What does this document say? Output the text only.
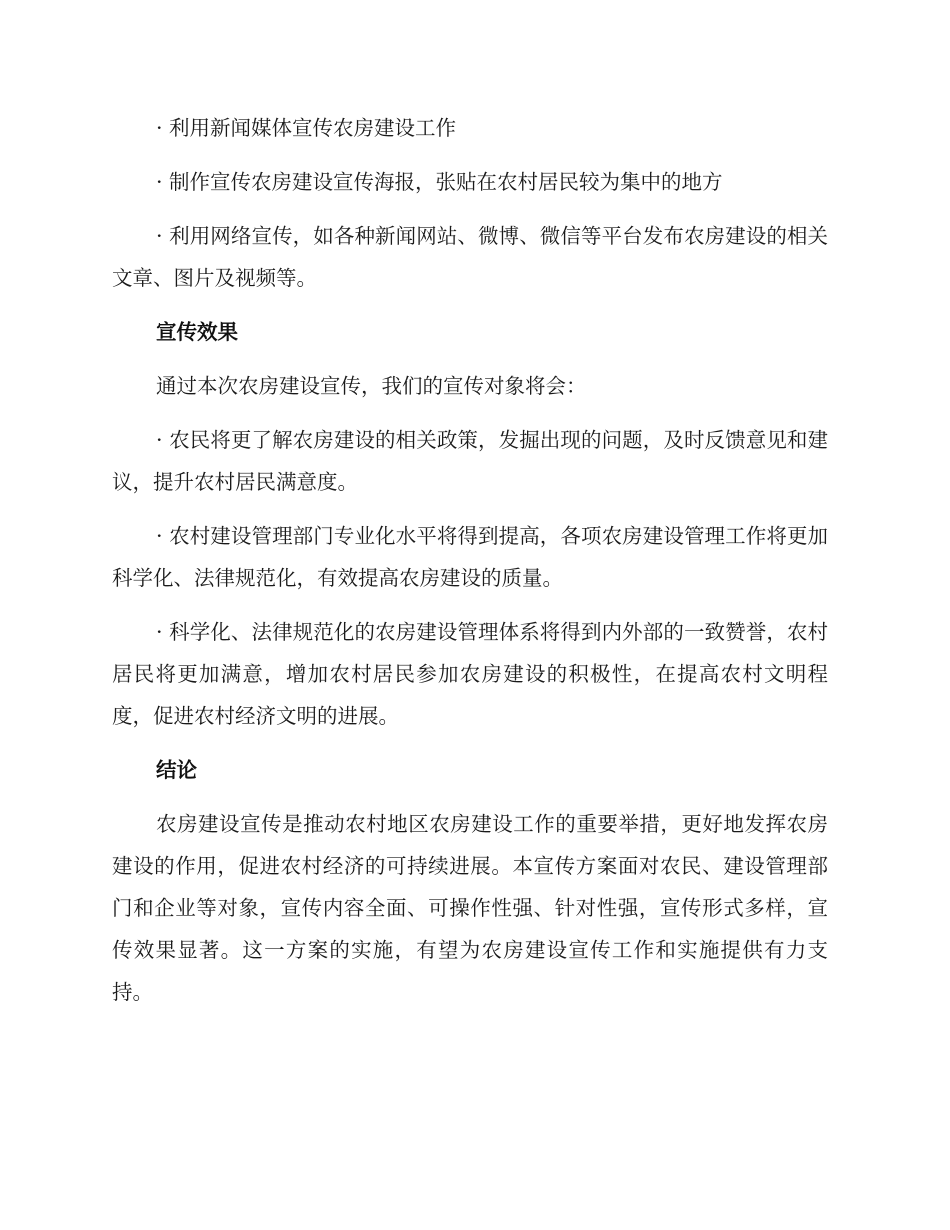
· 利用新闻媒体宣传农房建设工作

· 制作宣传农房建设宣传海报，张贴在农村居民较为集中的地方

· 利用网络宣传，如各种新闻网站、微博、微信等平台发布农房建设的相关文章、图片及视频等。

宣传效果

通过本次农房建设宣传，我们的宣传对象将会：

· 农民将更了解农房建设的相关政策，发掘出现的问题，及时反馈意见和建议，提升农村居民满意度。

· 农村建设管理部门专业化水平将得到提高，各项农房建设管理工作将更加科学化、法律规范化，有效提高农房建设的质量。

· 科学化、法律规范化的农房建设管理体系将得到内外部的一致赞誉，农村居民将更加满意，增加农村居民参加农房建设的积极性，在提高农村文明程度，促进农村经济文明的进展。

结论

农房建设宣传是推动农村地区农房建设工作的重要举措，更好地发挥农房建设的作用，促进农村经济的可持续进展。本宣传方案面对农民、建设管理部门和企业等对象，宣传内容全面、可操作性强、针对性强，宣传形式多样，宣传效果显著。这一方案的实施，有望为农房建设宣传工作和实施提供有力支持。
